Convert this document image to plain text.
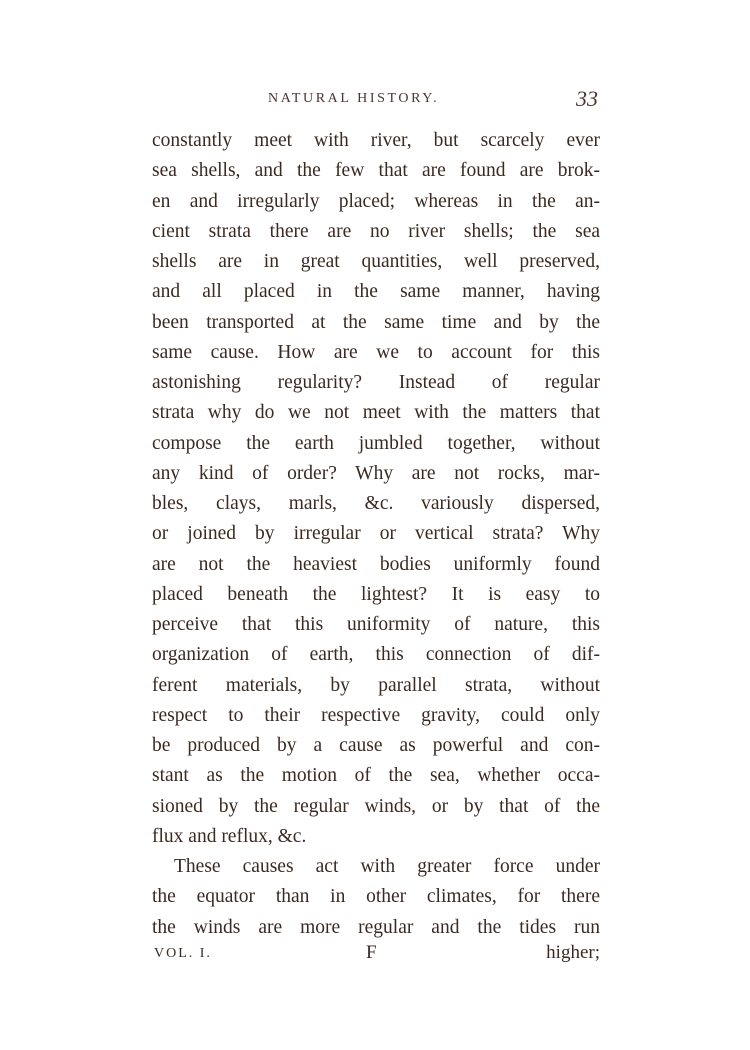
NATURAL HISTORY.	33
constantly meet with river, but scarcely ever
sea shells, and the few that are found are brok-
en and irregularly placed; whereas in the an-
cient strata there are no river shells; the sea
shells are in great quantities, well preserved,
and all placed in the same manner, having
been transported at the same time and by the
same cause. How are we to account for this
astonishing regularity? Instead of regular
strata why do we not meet with the matters that
compose the earth jumbled together, without
any kind of order? Why are not rocks, mar-
bles, clays, marls, &c. variously dispersed,
or joined by irregular or vertical strata? Why
are not the heaviest bodies uniformly found
placed beneath the lightest? It is easy to
perceive that this uniformity of nature, this
organization of earth, this connection of dif-
ferent materials, by parallel strata, without
respect to their respective gravity, could only
be produced by a cause as powerful and con-
stant as the motion of the sea, whether occa-
sioned by the regular winds, or by that of the
flux and reflux, &c.
These causes act with greater force under
the equator than in other climates, for there
the winds are more regular and the tides run
VOL. I.	F	higher;
